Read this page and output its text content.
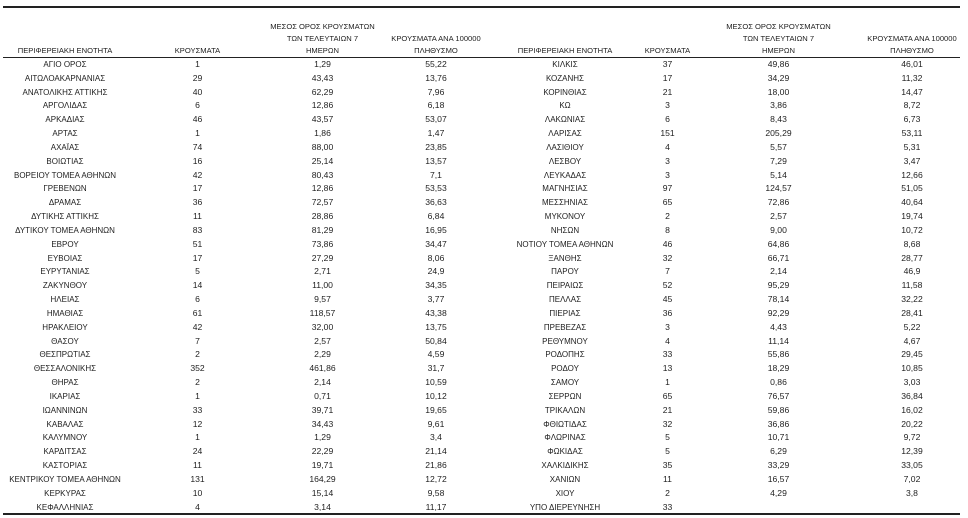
ΠΕΡΙΦΕΡΕΙΑΚΗ ΕΝΟΤΗΤΑ	ΚΡΟΥΣΜΑΤΑ
ΜΕΣΟΣ ΟΡΟΣ ΚΡΟΥΣΜΑΤΩΝ
ΤΩΝ ΤΕΛΕΥΤΑΙΩΝ 7
ΗΜΕΡΩΝ
ΚΡΟΥΣΜΑΤΑ ΑΝΑ 100000
ΠΛΗΘΥΣΜΟ
ΑΓΙΟ ΟΡΟΣ	1	1,29	55,22
ΑΙΤΩΛΟΑΚΑΡΝΑΝΙΑΣ	29	43,43	13,76
ΑΝΑΤΟΛΙΚΗΣ ΑΤΤΙΚΗΣ	40	62,29	7,96
ΑΡΓΟΛΙΔΑΣ	6	12,86	6,18
ΑΡΚΑΔΙΑΣ	46	43,57	53,07
ΑΡΤΑΣ	1	1,86	1,47
ΑΧΑΪΑΣ	74	88,00	23,85
ΒΟΙΩΤΙΑΣ	16	25,14	13,57
ΒΟΡΕΙΟΥ ΤΟΜΕΑ ΑΘΗΝΩΝ	42	80,43	7,1
ΓΡΕΒΕΝΩΝ	17	12,86	53,53
ΔΡΑΜΑΣ	36	72,57	36,63
ΔΥΤΙΚΗΣ ΑΤΤΙΚΗΣ	11	28,86	6,84
ΔΥΤΙΚΟΥ ΤΟΜΕΑ ΑΘΗΝΩΝ	83	81,29	16,95
ΕΒΡΟΥ	51	73,86	34,47
ΕΥΒΟΙΑΣ	17	27,29	8,06
ΕΥΡΥΤΑΝΙΑΣ	5	2,71	24,9
ΖΑΚΥΝΘΟΥ	14	11,00	34,35
ΗΛΕΙΑΣ	6	9,57	3,77
ΗΜΑΘΙΑΣ	61	118,57	43,38
ΗΡΑΚΛΕΙΟΥ	42	32,00	13,75
ΘΑΣΟΥ	7	2,57	50,84
ΘΕΣΠΡΩΤΙΑΣ	2	2,29	4,59
ΘΕΣΣΑΛΟΝΙΚΗΣ	352	461,86	31,7
ΘΗΡΑΣ	2	2,14	10,59
ΙΚΑΡΙΑΣ	1	0,71	10,12
ΙΩΑΝΝΙΝΩΝ	33	39,71	19,65
ΚΑΒΑΛΑΣ	12	34,43	9,61
ΚΑΛΥΜΝΟΥ	1	1,29	3,4
ΚΑΡΔΙΤΣΑΣ	24	22,29	21,14
ΚΑΣΤΟΡΙΑΣ	11	19,71	21,86
ΚΕΝΤΡΙΚΟΥ ΤΟΜΕΑ ΑΘΗΝΩΝ	131	164,29	12,72
ΚΕΡΚΥΡΑΣ	10	15,14	9,58
ΚΕΦΑΛΛΗΝΙΑΣ	4	3,14	11,17
ΠΕΡΙΦΕΡΕΙΑΚΗ ΕΝΟΤΗΤΑ	ΚΡΟΥΣΜΑΤΑ
ΜΕΣΟΣ ΟΡΟΣ ΚΡΟΥΣΜΑΤΩΝ
ΤΩΝ ΤΕΛΕΥΤΑΙΩΝ 7
ΗΜΕΡΩΝ
ΚΡΟΥΣΜΑΤΑ ΑΝΑ 100000
ΠΛΗΘΥΣΜΟ
ΚΙΛΚΙΣ	37	49,86	46,01
ΚΟΖΑΝΗΣ	17	34,29	11,32
ΚΟΡΙΝΘΙΑΣ	21	18,00	14,47
ΚΩ	3	3,86	8,72
ΛΑΚΩΝΙΑΣ	6	8,43	6,73
ΛΑΡΙΣΑΣ	151	205,29	53,11
ΛΑΣΙΘΙΟΥ	4	5,57	5,31
ΛΕΣΒΟΥ	3	7,29	3,47
ΛΕΥΚΑΔΑΣ	3	5,14	12,66
ΜΑΓΝΗΣΙΑΣ	97	124,57	51,05
ΜΕΣΣΗΝΙΑΣ	65	72,86	40,64
ΜΥΚΟΝΟΥ	2	2,57	19,74
ΝΗΣΩΝ	8	9,00	10,72
ΝΟΤΙΟΥ ΤΟΜΕΑ ΑΘΗΝΩΝ	46	64,86	8,68
ΞΑΝΘΗΣ	32	66,71	28,77
ΠΑΡΟΥ	7	2,14	46,9
ΠΕΙΡΑΙΩΣ	52	95,29	11,58
ΠΕΛΛΑΣ	45	78,14	32,22
ΠΙΕΡΙΑΣ	36	92,29	28,41
ΠΡΕΒΕΖΑΣ	3	4,43	5,22
ΡΕΘΥΜΝΟΥ	4	11,14	4,67
ΡΟΔΟΠΗΣ	33	55,86	29,45
ΡΟΔΟΥ	13	18,29	10,85
ΣΑΜΟΥ	1	0,86	3,03
ΣΕΡΡΩΝ	65	76,57	36,84
ΤΡΙΚΑΛΩΝ	21	59,86	16,02
ΦΘΙΩΤΙΔΑΣ	32	36,86	20,22
ΦΛΩΡΙΝΑΣ	5	10,71	9,72
ΦΩΚΙΔΑΣ	5	6,29	12,39
ΧΑΛΚΙΔΙΚΗΣ	35	33,29	33,05
ΧΑΝΙΩΝ	11	16,57	7,02
ΧΙΟΥ	2	4,29	3,8
ΥΠΟ ΔΙΕΡΕΥΝΗΣΗ	33
